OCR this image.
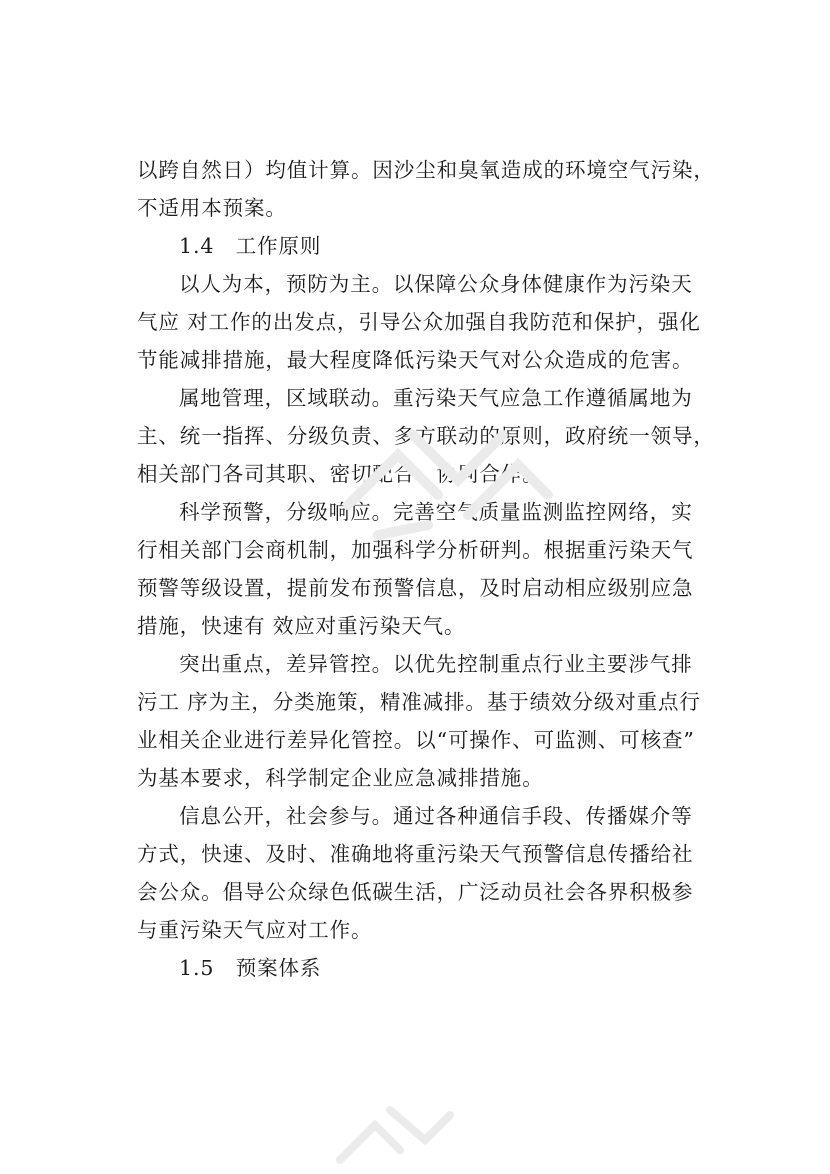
以跨自然日）均值计算。因沙尘和臭氧造成的环境空气污染，
不适用本预案。
1.4　工作原则
以人为本，预防为主。以保障公众身体健康作为污染天
气应 对工作的出发点，引导公众加强自我防范和保护，强化
节能减排措施，最大程度降低污染天气对公众造成的危害。
属地管理，区域联动。重污染天气应急工作遵循属地为
主、统一指挥、分级负责、多方联动的原则，政府统一领导，
相关部门各司其职、密切配合、协同合作。
科学预警，分级响应。完善空气质量监测监控网络，实
行相关部门会商机制，加强科学分析研判。根据重污染天气
预警等级设置，提前发布预警信息，及时启动相应级别应急
措施，快速有 效应对重污染天气。
突出重点，差异管控。以优先控制重点行业主要涉气排
污工 序为主，分类施策，精准减排。基于绩效分级对重点行
业相关企业进行差异化管控。以“可操作、可监测、可核查”
为基本要求，科学制定企业应急减排措施。
信息公开，社会参与。通过各种通信手段、传播媒介等
方式，快速、及时、准确地将重污染天气预警信息传播给社
会公众。倡导公众绿色低碳生活，广泛动员社会各界积极参
与重污染天气应对工作。
1.5　预案体系
